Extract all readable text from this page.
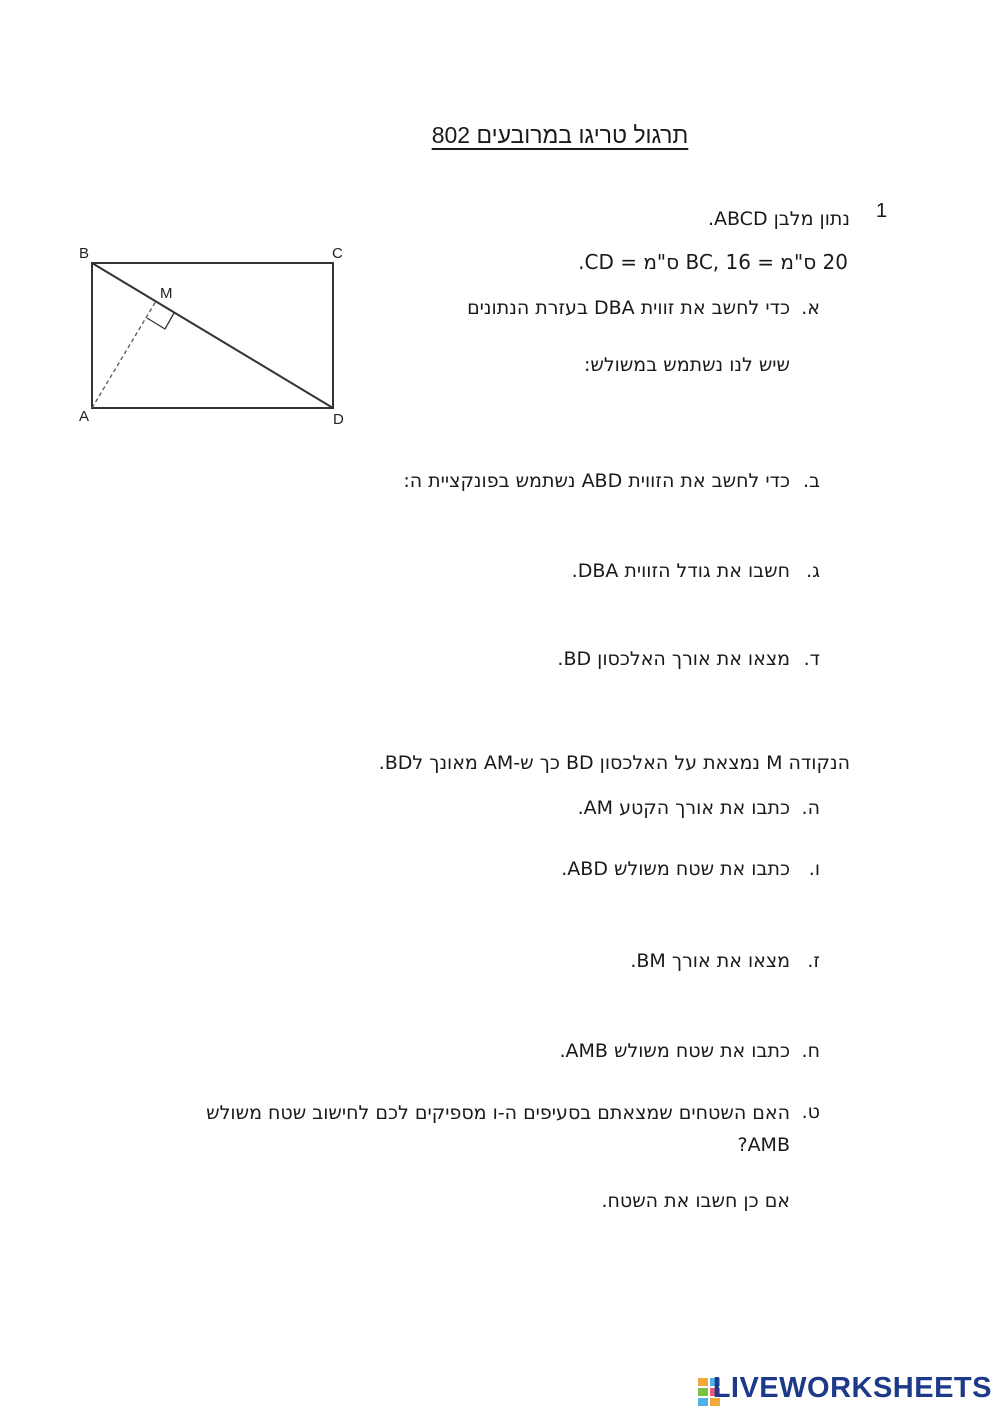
תרגול טריגו במרובעים 802
1
נתון מלבן ABCD.
20 ס"מ = BC, 16 ס"מ = CD.
B	C
A	D
M
א.
כדי לחשב את זווית DBA בעזרת הנתונים
שיש לנו נשתמש במשולש:
ב.
כדי לחשב את הזווית ABD נשתמש בפונקציית ה:
ג.
חשבו את גודל הזווית DBA.
ד.
מצאו את אורך האלכסון BD.
הנקודה M נמצאת על האלכסון BD כך ש-AM מאונך לBD.
ה.
כתבו את אורך הקטע AM.
ו.
כתבו את שטח משולש ABD.
ז.
מצאו את אורך BM.
ח.
כתבו את שטח משולש AMB.
ט.
האם השטחים שמצאתם בסעיפים ה-ו מספיקים לכם לחישוב שטח משולש AMB?
אם כן חשבו את השטח.
LIVEWORKSHEETS
